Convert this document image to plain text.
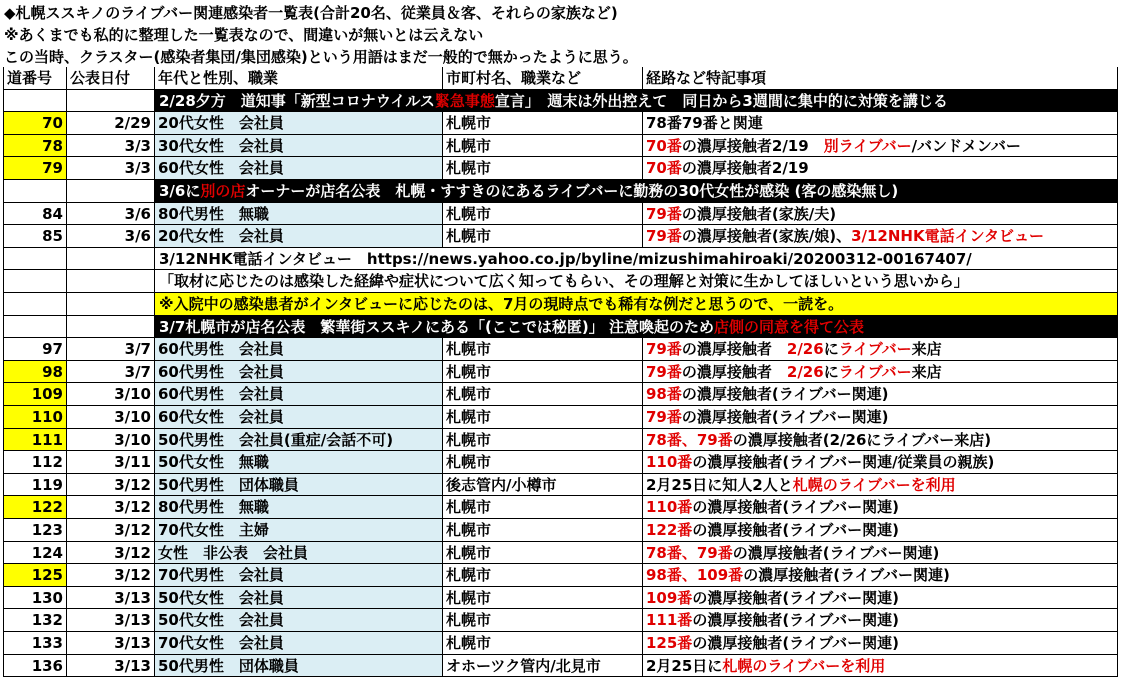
◆札幌ススキノのライブバー関連感染者一覧表(合計20名、従業員＆客、それらの家族など)
※あくまでも私的に整理した一覧表なので、間違いが無いとは云えない
この当時、クラスター(感染者集団/集団感染)という用語はまだ一般的で無かったように思う。
道番号	公表日付	年代と性別、職業	市町村名、職業など	経路など特記事項
2/28夕方　道知事「新型コロナウイルス緊急事態宣言」　週末は外出控えて　同日から3週間に集中的に対策を講じる
70	2/29 20代女性　会社員	札幌市	78番79番と関連
78	3/3 30代女性　会社員	札幌市	70番の濃厚接触者2/19　別ライブバー/バンドメンバー
79	3/3 60代女性　会社員	札幌市	70番の濃厚接触者2/19
3/6に別の店オーナーが店名公表　札幌・すすきのにあるライブバーに勤務の30代女性が感染 (客の感染無し)
84	3/6 80代男性　無職	札幌市	79番の濃厚接触者(家族/夫)
85	3/6 20代女性　会社員	札幌市	79番の濃厚接触者(家族/娘)、3/12NHK電話インタビュー
3/12NHK電話インタビュー　https://news.yahoo.co.jp/byline/mizushimahiroaki/20200312-00167407/
「取材に応じたのは感染した経緯や症状について広く知ってもらい、その理解と対策に生かしてほしいという思いから」
※入院中の感染患者がインタビューに応じたのは、7月の現時点でも稀有な例だと思うので、一読を。
3/7札幌市が店名公表　繁華街ススキノにある「(ここでは秘匿)」 注意喚起のため店側の同意を得て公表
97	3/7 60代男性　会社員	札幌市	79番の濃厚接触者　2/26にライブバー来店
98	3/7 60代男性　会社員	札幌市	79番の濃厚接触者　2/26にライブバー来店
109	3/10 60代男性　会社員	札幌市	98番の濃厚接触者(ライブバー関連)
110	3/10 60代女性　会社員	札幌市	79番の濃厚接触者(ライブバー関連)
111	3/10 50代男性　会社員(重症/会話不可)	札幌市	78番、79番の濃厚接触者(2/26にライブバー来店)
112	3/11 50代女性　無職	札幌市	110番の濃厚接触者(ライブバー関連/従業員の親族)
119	3/12 50代男性　団体職員	後志管内/小樽市	2月25日に知人2人と札幌のライブバーを利用
122	3/12 80代男性　無職	札幌市	110番の濃厚接触者(ライブバー関連)
123	3/12 70代女性　主婦	札幌市	122番の濃厚接触者(ライブバー関連)
124	3/12 女性　非公表　会社員	札幌市	78番、79番の濃厚接触者(ライブバー関連)
125	3/12 70代男性　会社員	札幌市	98番、109番の濃厚接触者(ライブバー関連)
130	3/13 50代女性　会社員	札幌市	109番の濃厚接触者(ライブバー関連)
132	3/13 50代女性　会社員	札幌市	111番の濃厚接触者(ライブバー関連)
133	3/13 70代女性　会社員	札幌市	125番の濃厚接触者(ライブバー関連)
136	3/13 50代男性　団体職員	オホーツク管内/北見市	2月25日に札幌のライブバーを利用
